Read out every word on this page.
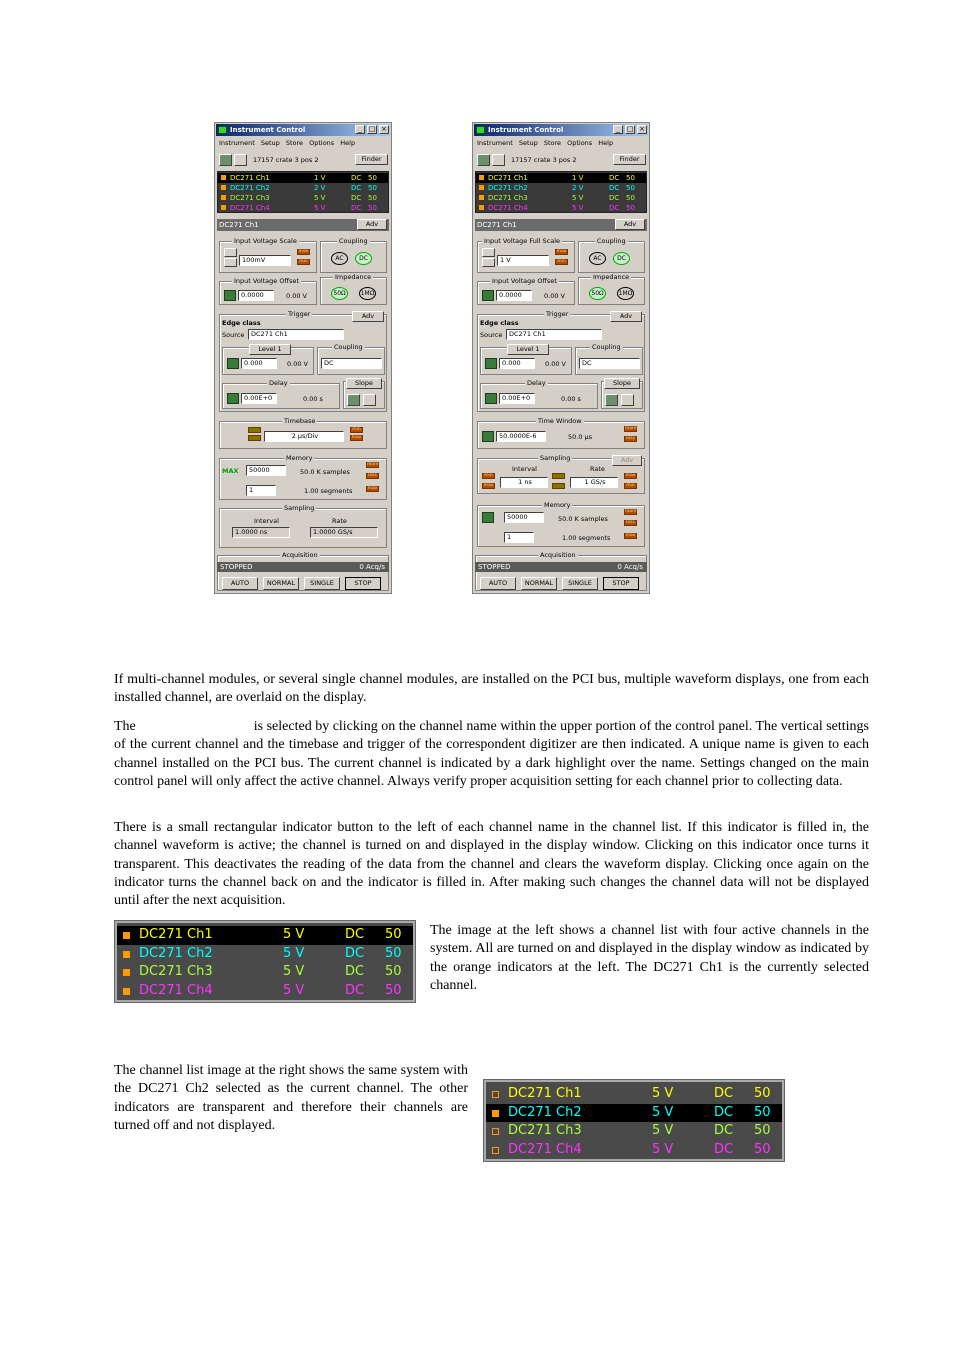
Instrument Control	_ □ ×
Instrument Setup Store Options Help
17157 crate 3 pos 2	Finder
DC271 Ch1	1 V	DC 50
DC271 Ch2	2 V	DC 50
DC271 Ch3	5 V	DC 50
DC271 Ch4	5 V	DC 50
DC271 Ch1	Adv
Input Voltage Scale
100mV
max
min
Coupling
AC	DC
Input Voltage Offset
0.0000	0.00 V
Impedance
50Ω	1MΩ
Trigger	Adv
Edge class
Source	DC271 Ch1
Level 1
0.000	0.00 V
Coupling
DC
Delay
0.00E+0	0.00 s
Slope
Timebase
2 µs/Div
min
max
Memory
MAX	50000	50.0 K samples
1	1.00 segments
more
less
max
Sampling
Interval	Rate
1.0000 ns	1.0000 GS/s
Acquisition
STOPPED	0 Acq/s
AUTO	NORMAL	SINGLE	STOP
Instrument Control	_ □ ×
Instrument Setup Store Options Help
17157 crate 3 pos 2	Finder
DC271 Ch1	1 V	DC 50
DC271 Ch2	2 V	DC 50
DC271 Ch3	5 V	DC 50
DC271 Ch4	5 V	DC 50
DC271 Ch1	Adv
Input Voltage Full Scale
1 V
max
min
Coupling
AC	DC
Input Voltage Offset
0.0000	0.00 V
Impedance
50Ω	1MΩ
Trigger	Adv
Edge class
Source	DC271 Ch1
Level 1
0.000	0.00 V
Coupling
DC
Delay
0.00E+0	0.00 s
Slope
Time Window
50.0000E-6	50.0 µs
more
less
Sampling	Adv
Interval	Rate
min
max	1 ns	1 GS/s
max
min
Memory
50000	50.0 K samples
1	1.00 segments
more
less
max
Acquisition
STOPPED	0 Acq/s
AUTO	NORMAL	SINGLE	STOP

If multi-channel modules, or several single channel modules, are installed on the PCI bus, multiple waveform displays, one from each installed channel, are overlaid on the display.

The	is selected by clicking on the channel name within the upper portion of the control panel. The vertical settings of the current channel and the timebase and trigger of the correspondent digitizer are then indicated. A unique name is given to each channel installed on the PCI bus. The current channel is indicated by a dark highlight over the name. Settings changed on the main control panel will only affect the active channel. Always verify proper acquisition setting for each channel prior to collecting data.

There is a small rectangular indicator button to the left of each channel name in the channel list. If this indicator is filled in, the channel waveform is active; the channel is turned on and displayed in the display window. Clicking on this indicator once turns it transparent. This deactivates the reading of the data from the channel and clears the waveform display. Clicking once again on the indicator turns the channel back on and the indicator is filled in. After making such changes the channel data will not be displayed until after the next acquisition.

DC271 Ch1	5 V	DC 50
DC271 Ch2	5 V	DC 50
DC271 Ch3	5 V	DC 50
DC271 Ch4	5 V	DC 50

The image at the left shows a channel list with four active channels in the system. All are turned on and displayed in the display window as indicated by the orange indicators at the left. The DC271 Ch1 is the currently selected channel.

The channel list image at the right shows the same system with the DC271 Ch2 selected as the current channel. The other indicators are transparent and therefore their channels are turned off and not displayed.

DC271 Ch1	5 V	DC 50
DC271 Ch2	5 V	DC 50
DC271 Ch3	5 V	DC 50
DC271 Ch4	5 V	DC 50
